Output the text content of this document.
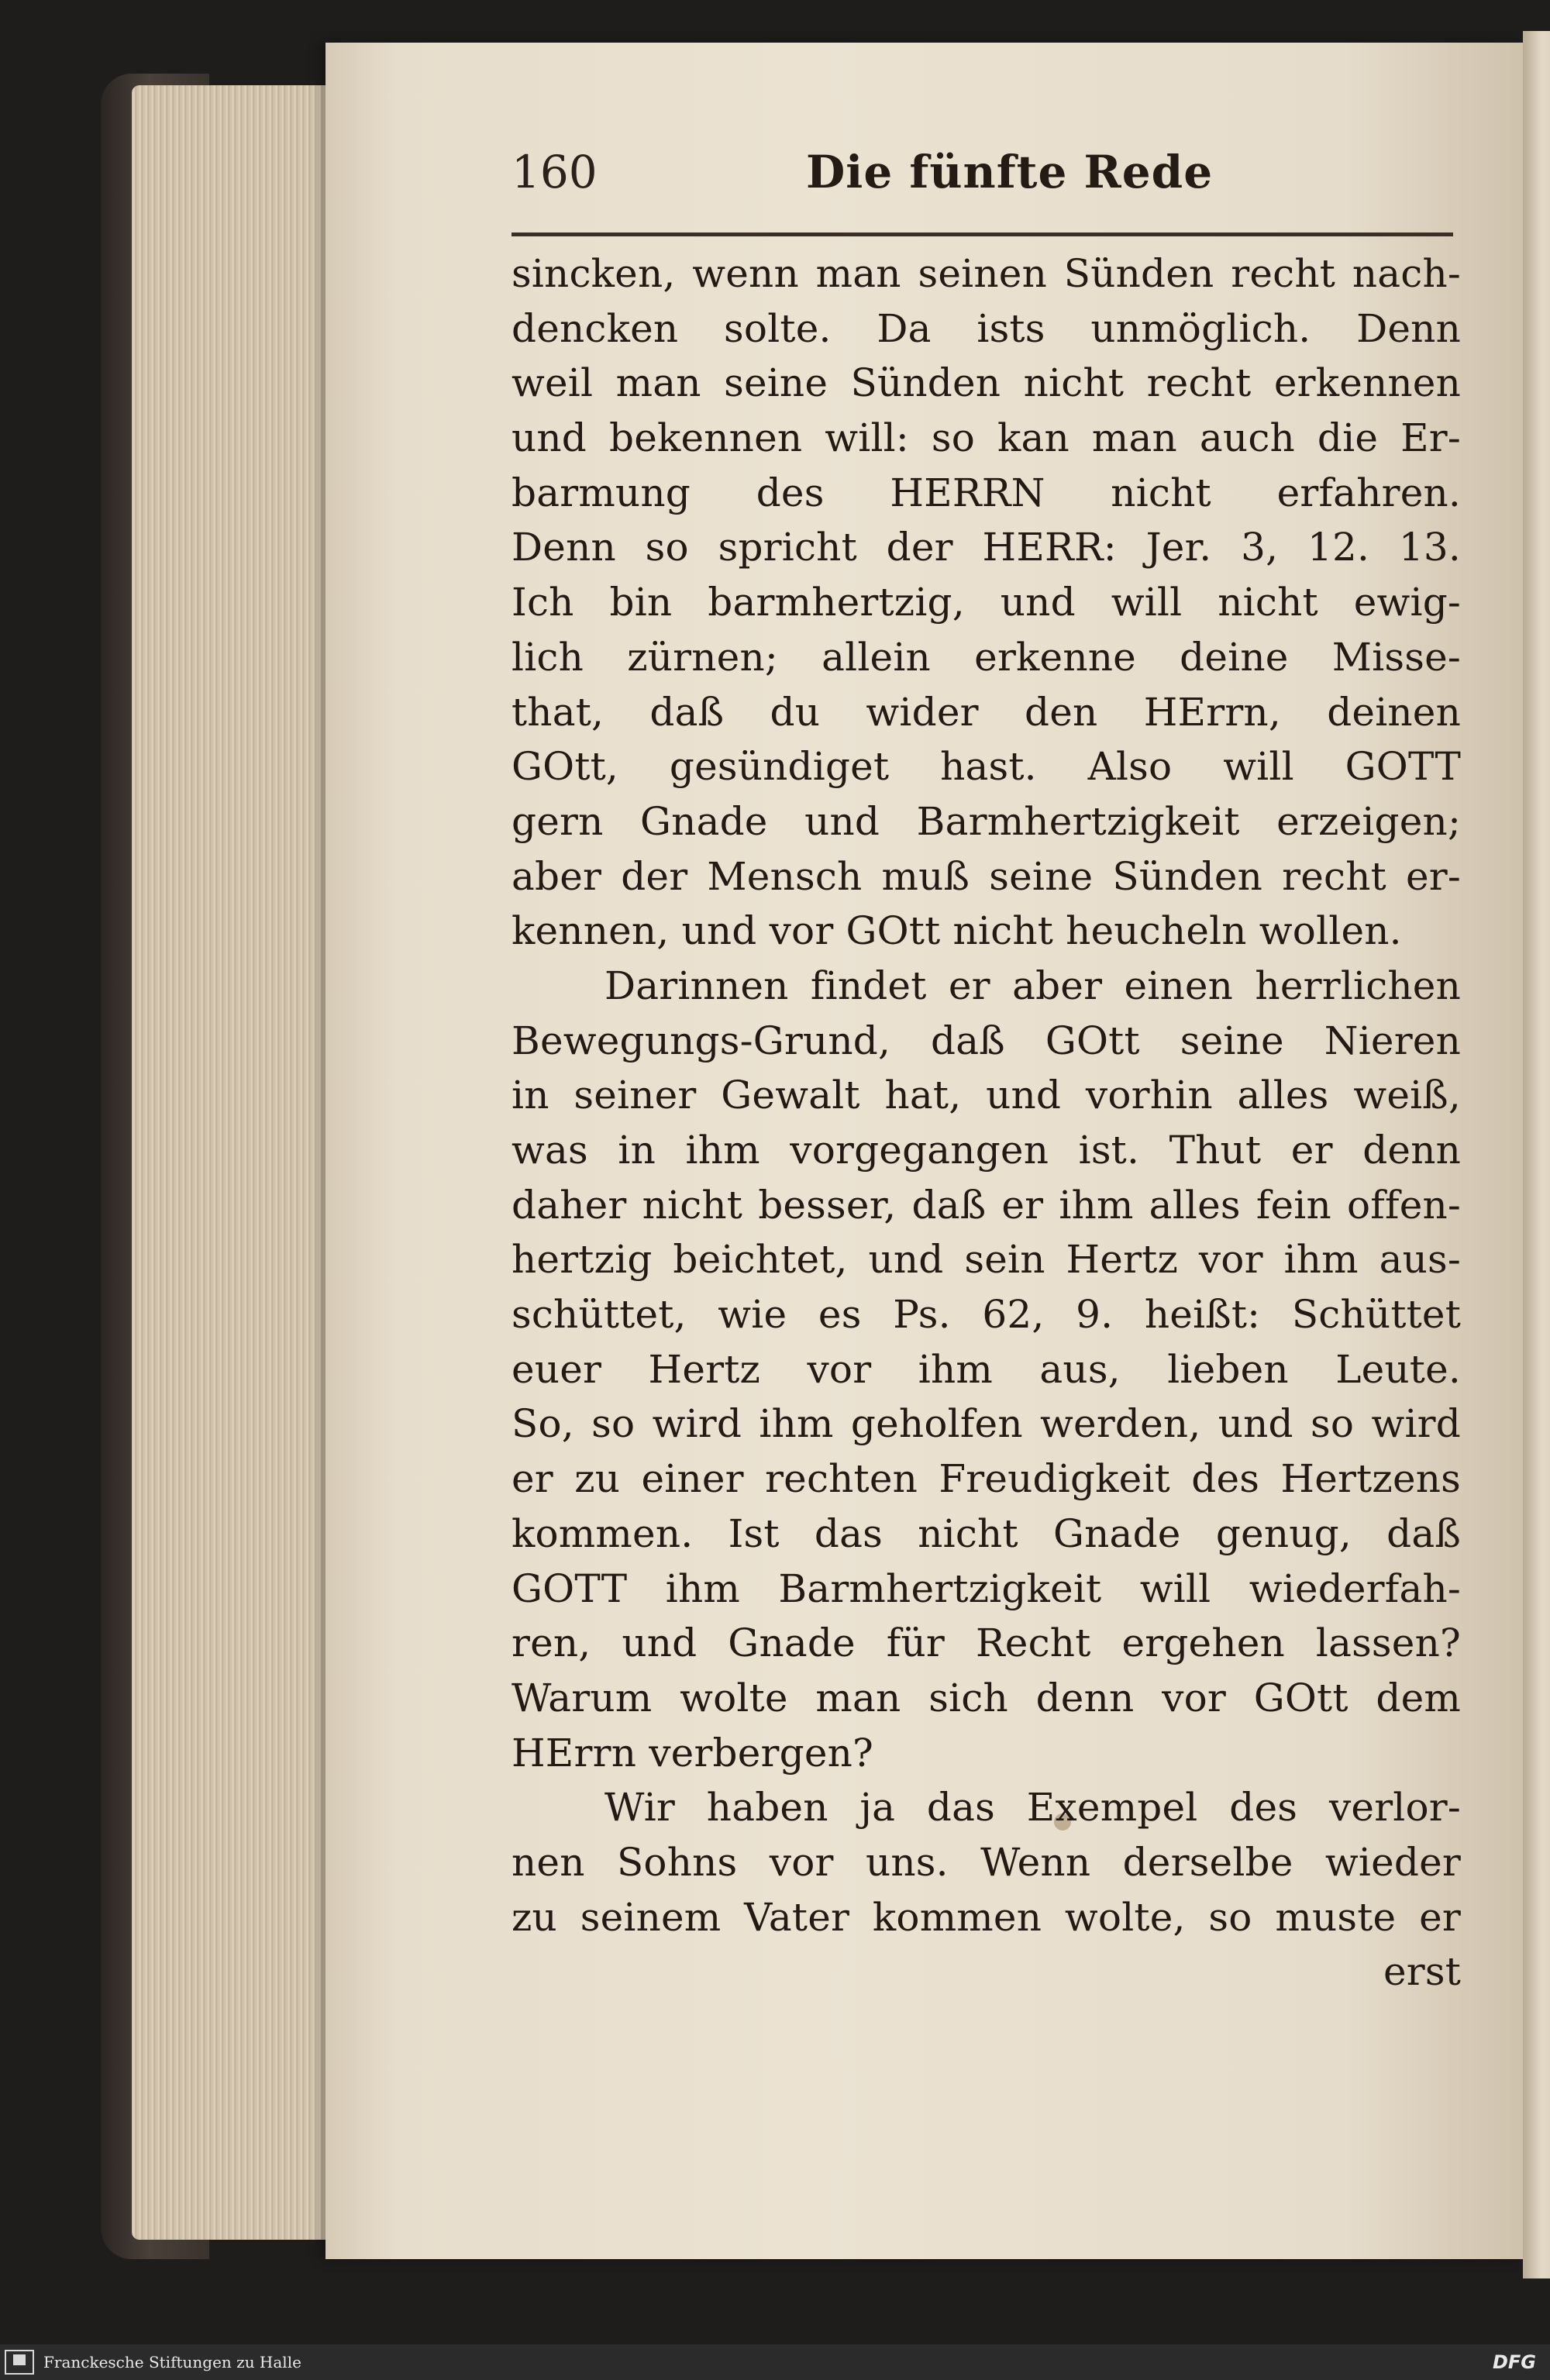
160	Die fünfte Rede
sincken, wenn man seinen Sünden recht nach-
dencken solte. Da ists unmöglich. Denn
weil man seine Sünden nicht recht erkennen
und bekennen will: so kan man auch die Er-
barmung des HERRN nicht erfahren.
Denn so spricht der HERR: Jer. 3, 12. 13.
Ich bin barmhertzig, und will nicht ewig-
lich zürnen; allein erkenne deine Misse-
that, daß du wider den HErrn, deinen
GOtt, gesündiget hast. Also will GOTT
gern Gnade und Barmhertzigkeit erzeigen;
aber der Mensch muß seine Sünden recht er-
kennen, und vor GOtt nicht heucheln wollen.
Darinnen findet er aber einen herrlichen
Bewegungs-Grund, daß GOtt seine Nieren
in seiner Gewalt hat, und vorhin alles weiß,
was in ihm vorgegangen ist. Thut er denn
daher nicht besser, daß er ihm alles fein offen-
hertzig beichtet, und sein Hertz vor ihm aus-
schüttet, wie es Ps. 62, 9. heißt: Schüttet
euer Hertz vor ihm aus, lieben Leute.
So, so wird ihm geholfen werden, und so wird
er zu einer rechten Freudigkeit des Hertzens
kommen. Ist das nicht Gnade genug, daß
GOTT ihm Barmhertzigkeit will wiederfah-
ren, und Gnade für Recht ergehen lassen?
Warum wolte man sich denn vor GOtt dem
HErrn verbergen?
Wir haben ja das Exempel des verlor-
nen Sohns vor uns. Wenn derselbe wieder
zu seinem Vater kommen wolte, so muste er
erst
Franckesche Stiftungen zu Halle	DFG
